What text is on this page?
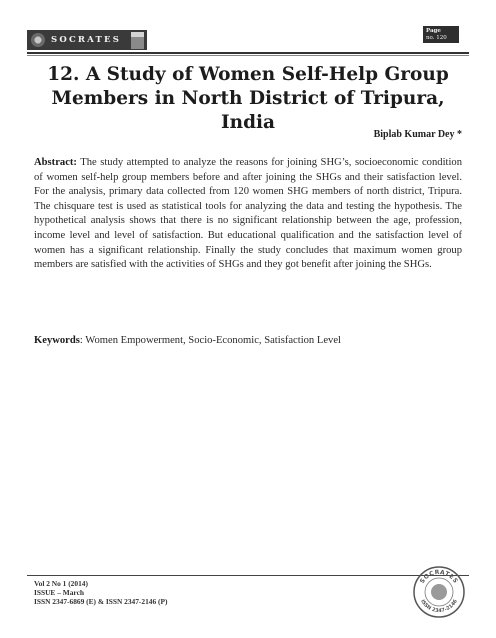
SOCRATES
Page
no. 120
12. A Study of Women Self-Help Group
Members in North District of Tripura, India
Biplab Kumar Dey *

Abstract: The study attempted to analyze the reasons for joining SHG’s, socioeconomic condition of women self-help group members before and after joining the SHGs and their satisfaction level. For the analysis, primary data collected from 120 women SHG members of north district, Tripura. The chisquare test is used as statistical tools for analyzing the data and testing the hypothesis. The hypothetical analysis shows that there is no significant relationship between the age, profession, income level and level of satisfaction. But educational qualification and the satisfaction level of women has a significant relationship. Finally the study concludes that maximum women group members are satisfied with the activities of SHGs and they got benefit after joining the SHGs.

Keywords: Women Empowerment, Socio-Economic, Satisfaction Level

Vol 2 No 1 (2014)
ISSUE – March
ISSN 2347-6869 (E) & ISSN 2347-2146 (P)
SOCRATES
ISSN 2347-2146
